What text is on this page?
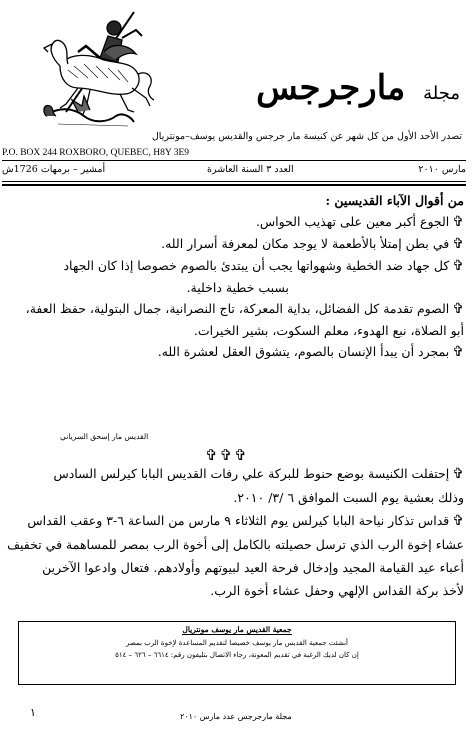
مجلة مارجرجس
تصدر الأحد الأول من كل شهر عن كنيسة مار جرجس والقديس يوسف–مونتريال
P.O. BOX 244 ROXBORO, QUEBEC, H8Y 3E9
أمشير – برمهات 1726ش	العدد ٣ السنة العاشرة	مارس ٢٠١٠
من أقوال الآباء القديسين :
✞الجوع أكبر معين على تهذيب الحواس.
✞في بطن إمتلأ بالأطعمة لا يوجد مكان لمعرفة أسرار الله.
✞كل جهاد ضد الخطية وشهواتها يجب أن يبتدئ بالصوم خصوصا إذا كان الجهاد
بسبب خطية داخلية.
✞الصوم تقدمة كل الفضائل، بداية المعركة، تاج النصرانية، جمال البتولية، حفظ العفة،
أبو الصلاة، نبع الهدوء، معلم السكوت، بشير الخيرات.
✞بمجرد أن يبدأ الإنسان بالصوم، يتشوق العقل لعشرة الله.
القديس مار إسحق السرياني
✞✞✞
✞إحتفلت الكنيسة بوضع حنوط للبركة علي رفات القديس البابا كيرلس السادس
وذلك بعشية يوم السبت الموافق ٦ /٣/ ٢٠١٠.
✞قداس تذكار نياحة البابا كيرلس يوم الثلاثاء ٩ مارس من الساعة ٦-٣ وعقب القداس
عشاء إخوة الرب الذي ترسل حصيلته بالكامل إلى أخوة الرب بمصر للمساهمة في تخفيف
أعباء عيد القيامة المجيد وإدخال فرحة العيد لبيوتهم وأولادهم. فتعال وادعوا الآخرين
لأخذ بركة القداس الإلهي وحفل عشاء أخوة الرب.
جمعية القديس مار يوسف مونتريال
أنشئت جمعية القديس مار يوسف خصيصا لتقديم المساعدة لإخوة الرب بمصر
إن كان لديك الرغبة في تقديم المعونة، رجاء الاتصال بتليفون رقم: ٦٦١٤ – ٦٢٦ – ٥١٤
١	مجلة مارجرجس عدد مارس ٢٠١٠
